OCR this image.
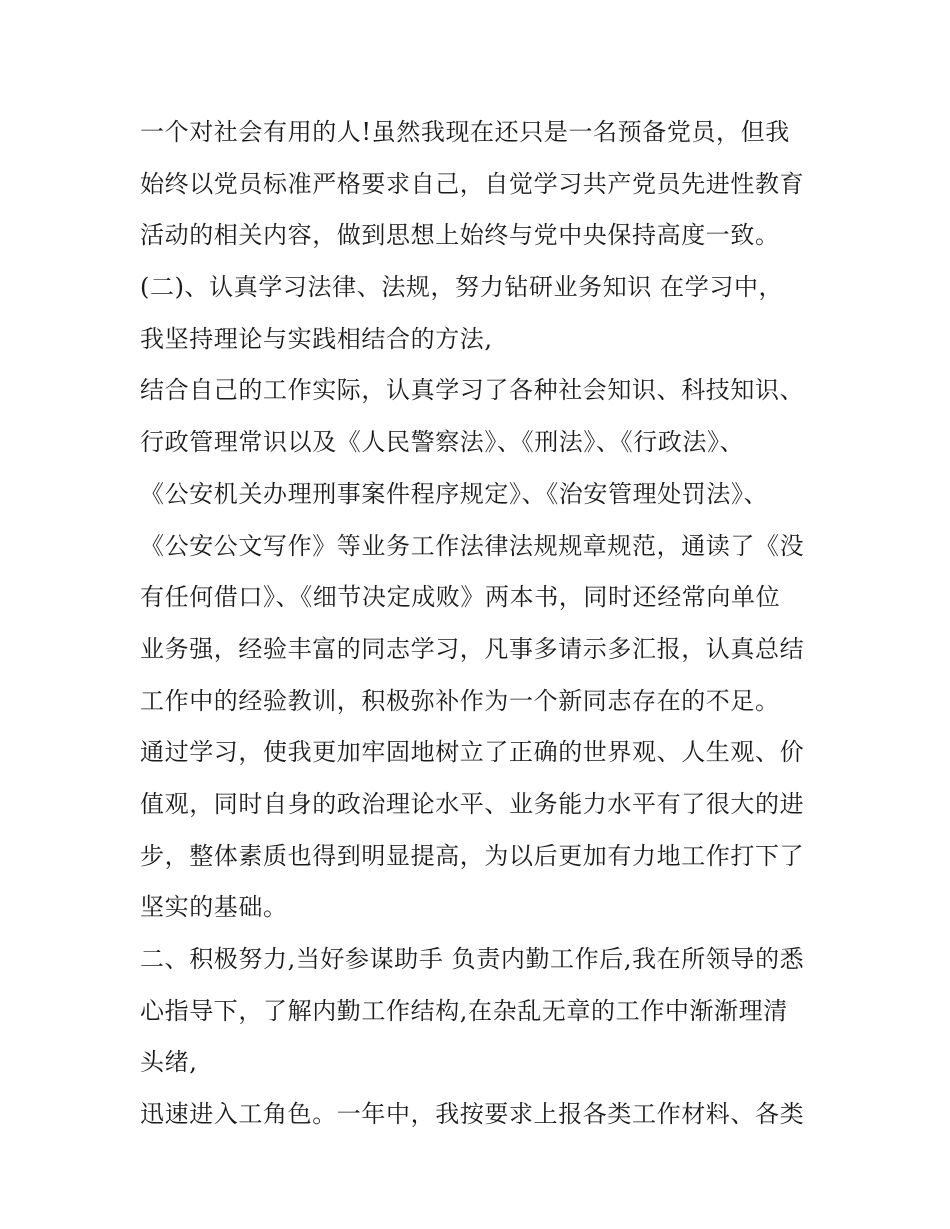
一个对社会有用的人!虽然我现在还只是一名预备党员，但我
始终以党员标准严格要求自己，自觉学习共产党员先进性教育
活动的相关内容，做到思想上始终与党中央保持高度一致。
(二)、认真学习法律、法规，努力钻研业务知识 在学习中，
我坚持理论与实践相结合的方法,
结合自己的工作实际，认真学习了各种社会知识、科技知识、
行政管理常识以及《人民警察法》、《刑法》、《行政法》、
《公安机关办理刑事案件程序规定》、《治安管理处罚法》、
《公安公文写作》等业务工作法律法规规章规范，通读了《没
有任何借口》、《细节决定成败》两本书，同时还经常向单位
业务强，经验丰富的同志学习，凡事多请示多汇报，认真总结
工作中的经验教训，积极弥补作为一个新同志存在的不足。
通过学习，使我更加牢固地树立了正确的世界观、人生观、价
值观，同时自身的政治理论水平、业务能力水平有了很大的进
步，整体素质也得到明显提高，为以后更加有力地工作打下了
坚实的基础。
二、积极努力,当好参谋助手 负责内勤工作后,我在所领导的悉
心指导下，了解内勤工作结构,在杂乱无章的工作中渐渐理清
头绪,
迅速进入工角色。一年中，我按要求上报各类工作材料、各类
